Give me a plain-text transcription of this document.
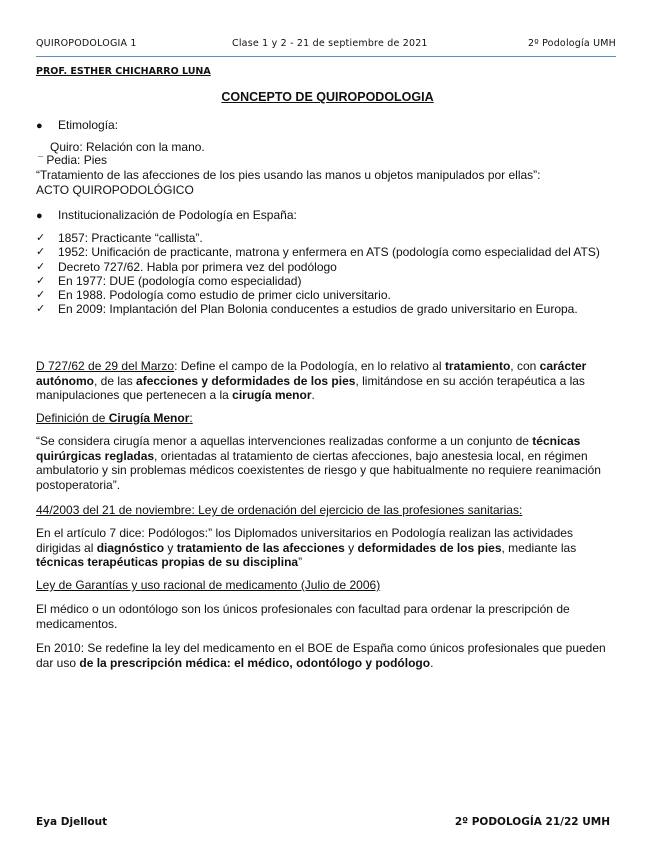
QUIROPODOLOGIA 1	Clase 1 y 2 - 21 de septiembre de 2021	2º Podología UMH
PROF. ESTHER CHICHARRO LUNA
CONCEPTO DE QUIROPODOLOGIA
● Etimología:
Quiro: Relación con la mano.
¯ Pedia: Pies
“Tratamiento de las afecciones de los pies usando las manos u objetos manipulados por ellas”:
ACTO QUIROPODOLÓGICO
● Institucionalización de Podología en España:
✓	1857: Practicante “callista”.
✓	1952: Unificación de practicante, matrona y enfermera en ATS (podología como especialidad del ATS)
✓	Decreto 727/62. Habla por primera vez del podólogo
✓	En 1977: DUE (podología como especialidad)
✓	En 1988. Podología como estudio de primer ciclo universitario.
✓	En 2009: Implantación del Plan Bolonia conducentes a estudios de grado universitario en Europa.
D 727/62 de 29 del Marzo: Define el campo de la Podología, en lo relativo al tratamiento, con carácter autónomo, de las afecciones y deformidades de los pies, limitándose en su acción terapéutica a las manipulaciones que pertenecen a la cirugía menor.
Definición de Cirugía Menor:
“Se considera cirugía menor a aquellas intervenciones realizadas conforme a un conjunto de técnicas quirúrgicas regladas, orientadas al tratamiento de ciertas afecciones, bajo anestesia local, en régimen ambulatorio y sin problemas médicos coexistentes de riesgo y que habitualmente no requiere reanimación postoperatoria”.
44/2003 del 21 de noviembre: Ley de ordenación del ejercicio de las profesiones sanitarias:
En el artículo 7 dice: Podólogos:” los Diplomados universitarios en Podología realizan las actividades dirigidas al diagnóstico y tratamiento de las afecciones y deformidades de los pies, mediante las técnicas terapéuticas propias de su disciplina”
Ley de Garantías y uso racional de medicamento (Julio de 2006)
El médico o un odontólogo son los únicos profesionales con facultad para ordenar la prescripción de medicamentos.
En 2010: Se redefine la ley del medicamento en el BOE de España como únicos profesionales que pueden dar uso de la prescripción médica: el médico, odontólogo y podólogo.
Eya Djellout	2º PODOLOGÍA 21/22 UMH
